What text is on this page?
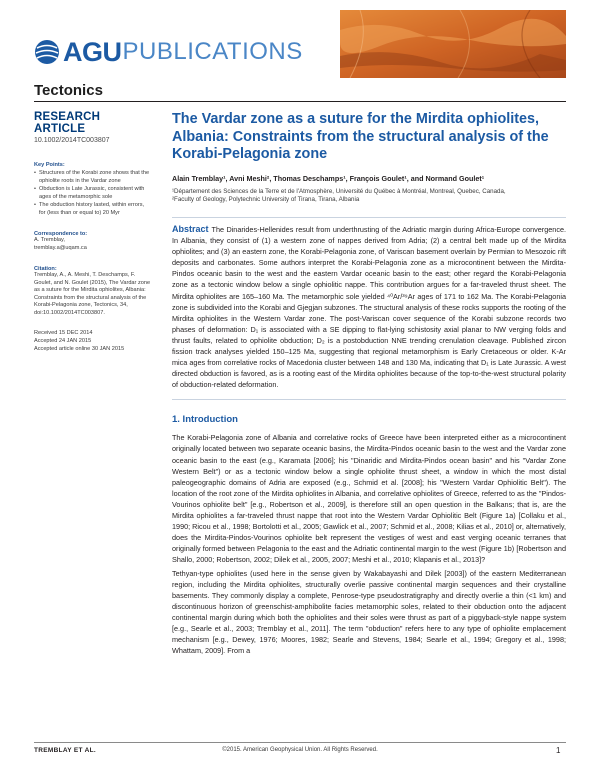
AGU PUBLICATIONS
Tectonics
RESEARCH ARTICLE
10.1002/2014TC003807
Key Points:
• Structures of the Korabi zone shows that the ophiolite roots in the Vardar zone
• Obduction is Late Jurassic, consistent with ages of the metamorphic sole
• The obduction history lasted, within errors, for (less than or equal to) 20 Myr
Correspondence to:
A. Tremblay,
tremblay.a@uqam.ca
Citation:
Tremblay, A., A. Meshi, T. Deschamps, F. Goulet, and N. Goulet (2015), The Vardar zone as a suture for the Mirdita ophiolites, Albania: Constraints from the structural analysis of the Korabi-Pelagonia zone, Tectonics, 34, doi:10.1002/2014TC003807.
Received 15 DEC 2014
Accepted 24 JAN 2015
Accepted article online 30 JAN 2015
The Vardar zone as a suture for the Mirdita ophiolites, Albania: Constraints from the structural analysis of the Korabi-Pelagonia zone
Alain Tremblay¹, Avni Meshi², Thomas Deschamps¹, François Goulet¹, and Normand Goulet¹
¹Département des Sciences de la Terre et de l'Atmosphère, Université du Québec à Montréal, Montreal, Quebec, Canada,
²Faculty of Geology, Polytechnic University of Tirana, Tirana, Albania

Abstract The Dinarides-Hellenides result from underthrusting of the Adriatic margin during Africa-Europe convergence. In Albania, they consist of (1) a western zone of nappes derived from Adria; (2) a central belt made up of the Mirdita ophiolites; and (3) an eastern zone, the Korabi-Pelagonia zone, of Variscan basement overlain by Permian to Mesozoic rift deposits and carbonates. Some authors interpret the Korabi-Pelagonia zone as a microcontinent between the Mirdita-Pindos oceanic basin to the west and the eastern Vardar oceanic basin to the east; other regard the Korabi-Pelagonia zone as a tectonic window below a single ophiolitic nappe. This contribution argues for a far-traveled thrust sheet. The Mirdita ophiolites are 165–160 Ma. The metamorphic sole yielded ⁴⁰Ar/³⁹Ar ages of 171 to 162 Ma. The Korabi-Pelagonia zone is subdivided into the Korabi and Gjegjan subzones. The structural analysis of these rocks supports the rooting of the Mirdita ophiolites in the Western Vardar zone. The post-Variscan cover sequence of the Korabi subzone records two phases of deformation: D₁ is associated with a SE dipping to flat-lying schistosity axial planar to NW verging folds and thrust faults, related to ophiolite obduction; D₂ is a postobduction NNE trending crenulation cleavage. Published zircon fission track analyses yielded 150–125 Ma, suggesting that regional metamorphism is Early Cretaceous or older. K-Ar mica ages from correlative rocks of Macedonia cluster between 148 and 130 Ma, indicating that D₁ is Late Jurassic. A west directed obduction is favored, as is a rooting east of the Mirdita ophiolites because of the top-to-the-west structural polarity of obduction-related deformation.

1. Introduction

The Korabi-Pelagonia zone of Albania and correlative rocks of Greece have been interpreted either as a microcontinent originally located between two separate oceanic basins, the Mirdita-Pindos oceanic basin to the west and the Vardar zone oceanic basin to the east (e.g., Karamata [2006]; his "Dinaridic and Mirdita-Pindos ocean basin" and his "Vardar Zone Western Belt") or as a tectonic window below a single ophiolite thrust sheet, a window in which the most distal paleogeographic domains of Adria are exposed (e.g., Schmid et al. [2008]; his "Western Vardar Ophiolitic Belt"). The location of the root zone of the Mirdita ophiolites in Albania, and correlative ophiolites of Greece, referred to as the "Pindos-Vourinos ophiolite belt" [e.g., Robertson et al., 2009], is therefore still an open question in the Balkans; that is, are the Mirdita ophiolites a far-traveled thrust nappe that root into the Western Vardar Ophiolitic Belt (Figure 1a) [Collaku et al., 1990; Ricou et al., 1998; Bortolotti et al., 2005; Gawlick et al., 2007; Schmid et al., 2008; Kilias et al., 2010] or, alternatively, does the Mirdita-Pindos-Vourinos ophiolite belt represent the vestiges of west and east verging oceanic terranes that originally formed between Pelagonia to the east and the Adriatic continental margin to the west (Figure 1b) [Robertson and Shallo, 2000; Robertson, 2002; Dilek et al., 2005, 2007; Meshi et al., 2010; Klapanis et al., 2013]?

Tethyan-type ophiolites (used here in the sense given by Wakabayashi and Dilek [2003]) of the eastern Mediterranean region, including the Mirdita ophiolites, structurally overlie passive continental margin sequences and their crystalline basements. They commonly display a complete, Penrose-type pseudostratigraphy and directly overlie a thin (<1 km) and discontinuous horizon of greenschist-amphibolite facies metamorphic soles, related to their obduction onto the adjacent continental margin during which both the ophiolites and their soles were thrust as part of a piggyback-style nappe system [e.g., Searle et al., 2003; Tremblay et al., 2011]. The term "obduction" refers here to any type of ophiolite emplacement mechanism [e.g., Dewey, 1976; Moores, 1982; Searle and Stevens, 1984; Searle et al., 1994; Gregory et al., 1998; Whattam, 2009]. From a

TREMBLAY ET AL.	©2015. American Geophysical Union. All Rights Reserved.	1
